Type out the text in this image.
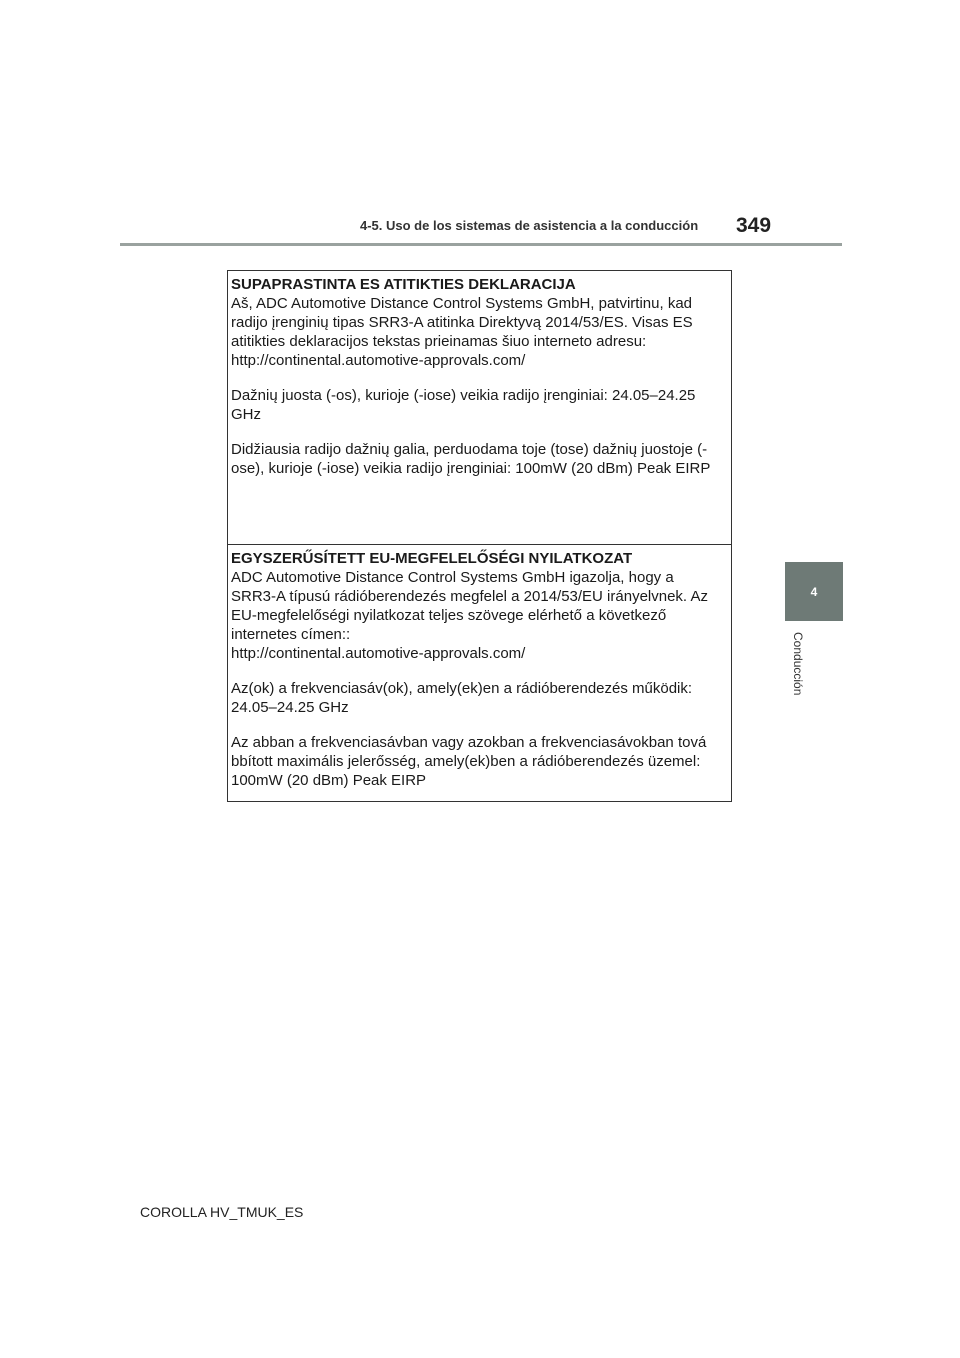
4-5. Uso de los sistemas de asistencia a la conducción 349
4
Conducción

SUPAPRASTINTA ES ATITIKTIES DEKLARACIJA

Aš, ADC Automotive Distance Control Systems GmbH, patvirtinu, kad

radijo įrenginių tipas SRR3-A atitinka Direktyvą 2014/53/ES. Visas ES

atitikties deklaracijos tekstas prieinamas šiuo interneto adresu:

http://continental.automotive-approvals.com/

Dažnių juosta (-os), kurioje (-iose) veikia radijo įrenginiai: 24.05–24.25

GHz

Didžiausia radijo dažnių galia, perduodama toje (tose) dažnių juostoje (-

ose), kurioje (-iose) veikia radijo įrenginiai: 100mW (20 dBm) Peak EIRP

EGYSZERŰSÍTETT EU-MEGFELELŐSÉGI NYILATKOZAT

ADC Automotive Distance Control Systems GmbH igazolja, hogy a

SRR3-A típusú rádióberendezés megfelel a 2014/53/EU irányelvnek. Az

EU-megfelelőségi nyilatkozat teljes szövege elérhető a következő

internetes címen::

http://continental.automotive-approvals.com/

Az(ok) a frekvenciasáv(ok), amely(ek)en a rádióberendezés működik:

24.05–24.25 GHz

Az abban a frekvenciasávban vagy azokban a frekvenciasávokban tová

bbított maximális jelerősség, amely(ek)ben a rádióberendezés üzemel:

100mW (20 dBm) Peak EIRP

COROLLA HV_TMUK_ES
